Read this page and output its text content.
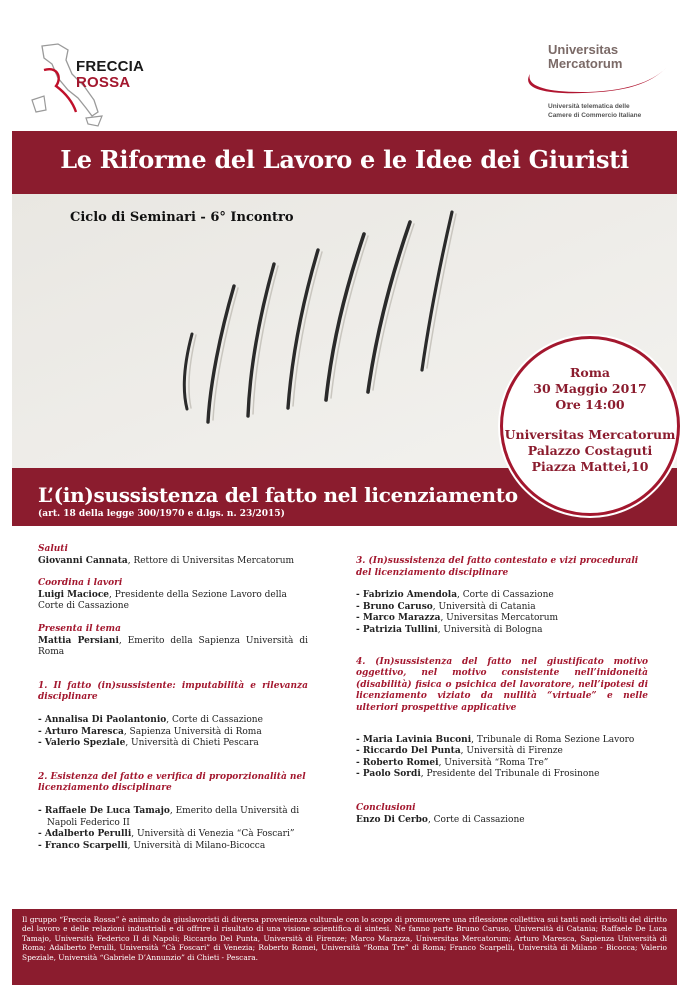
FRECCIA
ROSSA
Universitas
Mercatorum
Università telematica delle
Camere di Commercio Italiane
Le Riforme del Lavoro e le Idee dei Giuristi
Ciclo di Seminari - 6° Incontro
L’(in)sussistenza del fatto nel licenziamento
(art. 18 della legge 300/1970 e d.lgs. n. 23/2015)
Roma
30 Maggio 2017
Ore 14:00
Universitas Mercatorum
Palazzo Costaguti
Piazza Mattei,10
Saluti
Giovanni Cannata, Rettore di Universitas Mercatorum
Coordina i lavori
Luigi Macioce, Presidente della Sezione Lavoro della Corte di Cassazione
Presenta il tema
Mattia Persiani, Emerito della Sapienza Università di Roma
1. Il fatto (in)sussistente: imputabilità e rilevanza disciplinare
- Annalisa Di Paolantonio, Corte di Cassazione
- Arturo Maresca, Sapienza Università di Roma
- Valerio Speziale, Università di Chieti Pescara
2. Esistenza del fatto e verifica di proporzionalità nel licenziamento disciplinare
- Raffaele De Luca Tamajo, Emerito della Università di
Napoli Federico II
- Adalberto Perulli, Università di Venezia “Cà Foscari”
- Franco Scarpelli, Università di Milano-Bicocca
3. (In)sussistenza del fatto contestato e vizi procedurali del licenziamento disciplinare
- Fabrizio Amendola, Corte di Cassazione
- Bruno Caruso, Università di Catania
- Marco Marazza, Universitas Mercatorum
- Patrizia Tullini, Università di Bologna
4. (In)sussistenza del fatto nel giustificato motivo oggettivo, nel motivo consistente nell’inidoneità (disabilità) fisica o psichica del lavoratore, nell’ipotesi di licenziamento viziato da nullità “virtuale” e nelle ulteriori prospettive applicative
- Maria Lavinia Buconi, Tribunale di Roma Sezione Lavoro
- Riccardo Del Punta, Università di Firenze
- Roberto Romei, Università “Roma Tre”
- Paolo Sordi, Presidente del Tribunale di Frosinone
Conclusioni
Enzo Di Cerbo, Corte di Cassazione
Il gruppo “Freccia Rossa” è animato da giuslavoristi di diversa provenienza culturale con lo scopo di promuovere una riflessione collettiva sui tanti nodi irrisolti del diritto del lavoro e delle relazioni industriali e di offrire il risultato di una visione scientifica di sintesi. Ne fanno parte Bruno Caruso, Università di Catania; Raffaele De Luca Tamajo, Università Federico II di Napoli; Riccardo Del Punta, Università di Firenze; Marco Marazza, Universitas Mercatorum; Arturo Maresca, Sapienza Università di Roma; Adalberto Perulli, Università “Cà Foscari” di Venezia; Roberto Romei, Università “Roma Tre” di Roma; Franco Scarpelli, Università di Milano - Bicocca; Valerio Speziale, Università “Gabriele D’Annunzio” di Chieti - Pescara.
